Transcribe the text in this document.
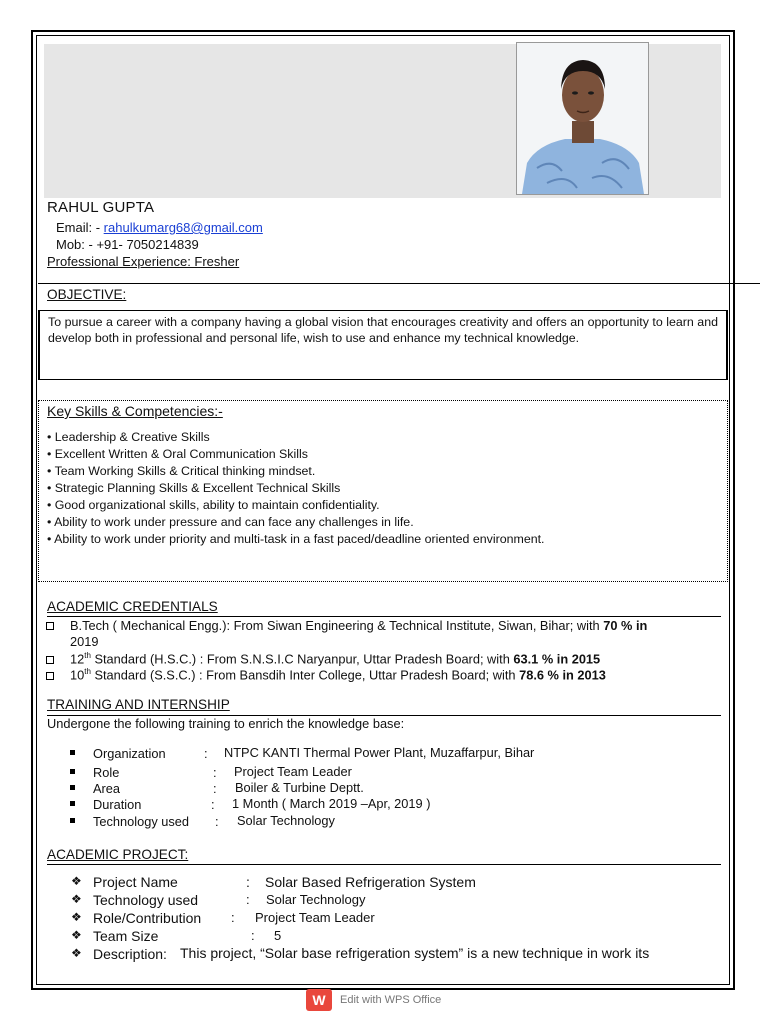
RAHUL GUPTA
Email: - rahulkumarg68@gmail.com
Mob: - +91- 7050214839
Professional Experience: Fresher
OBJECTIVE:
To pursue a career with a company having a global vision that encourages creativity and offers an opportunity to learn and develop both in professional and personal life, wish to use and enhance my technical knowledge.
Key Skills & Competencies:-
• Leadership & Creative Skills
• Excellent Written & Oral Communication Skills
• Team Working Skills & Critical thinking mindset.
• Strategic Planning Skills & Excellent Technical Skills
• Good organizational skills, ability to maintain confidentiality.
• Ability to work under pressure and can face any challenges in life.
• Ability to work under priority and multi-task in a fast paced/deadline oriented environment.
ACADEMIC CREDENTIALS
B.Tech ( Mechanical Engg.): From Siwan Engineering & Technical Institute, Siwan, Bihar; with 70 % in
2019
12th Standard (H.S.C.) : From S.N.S.I.C Naryanpur, Uttar Pradesh Board; with 63.1 % in 2015
10th Standard (S.S.C.) : From Bansdih Inter College, Uttar Pradesh Board; with 78.6 % in 2013
TRAINING AND INTERNSHIP
Undergone the following training to enrich the knowledge base:
Organization	: NTPC KANTI Thermal Power Plant, Muzaffarpur, Bihar
Role	: Project Team Leader
Area	: Boiler & Turbine Deptt.
Duration	: 1 Month ( March 2019 –Apr, 2019 )
Technology used : Solar Technology
ACADEMIC PROJECT:
❖ Project Name	: Solar Based Refrigeration System
❖ Technology used	: Solar Technology
❖ Role/Contribution : Project Team Leader
❖ Team Size	: 5
❖ Description: This project, “Solar base refrigeration system” is a new technique in work its
W	Edit with WPS Office
